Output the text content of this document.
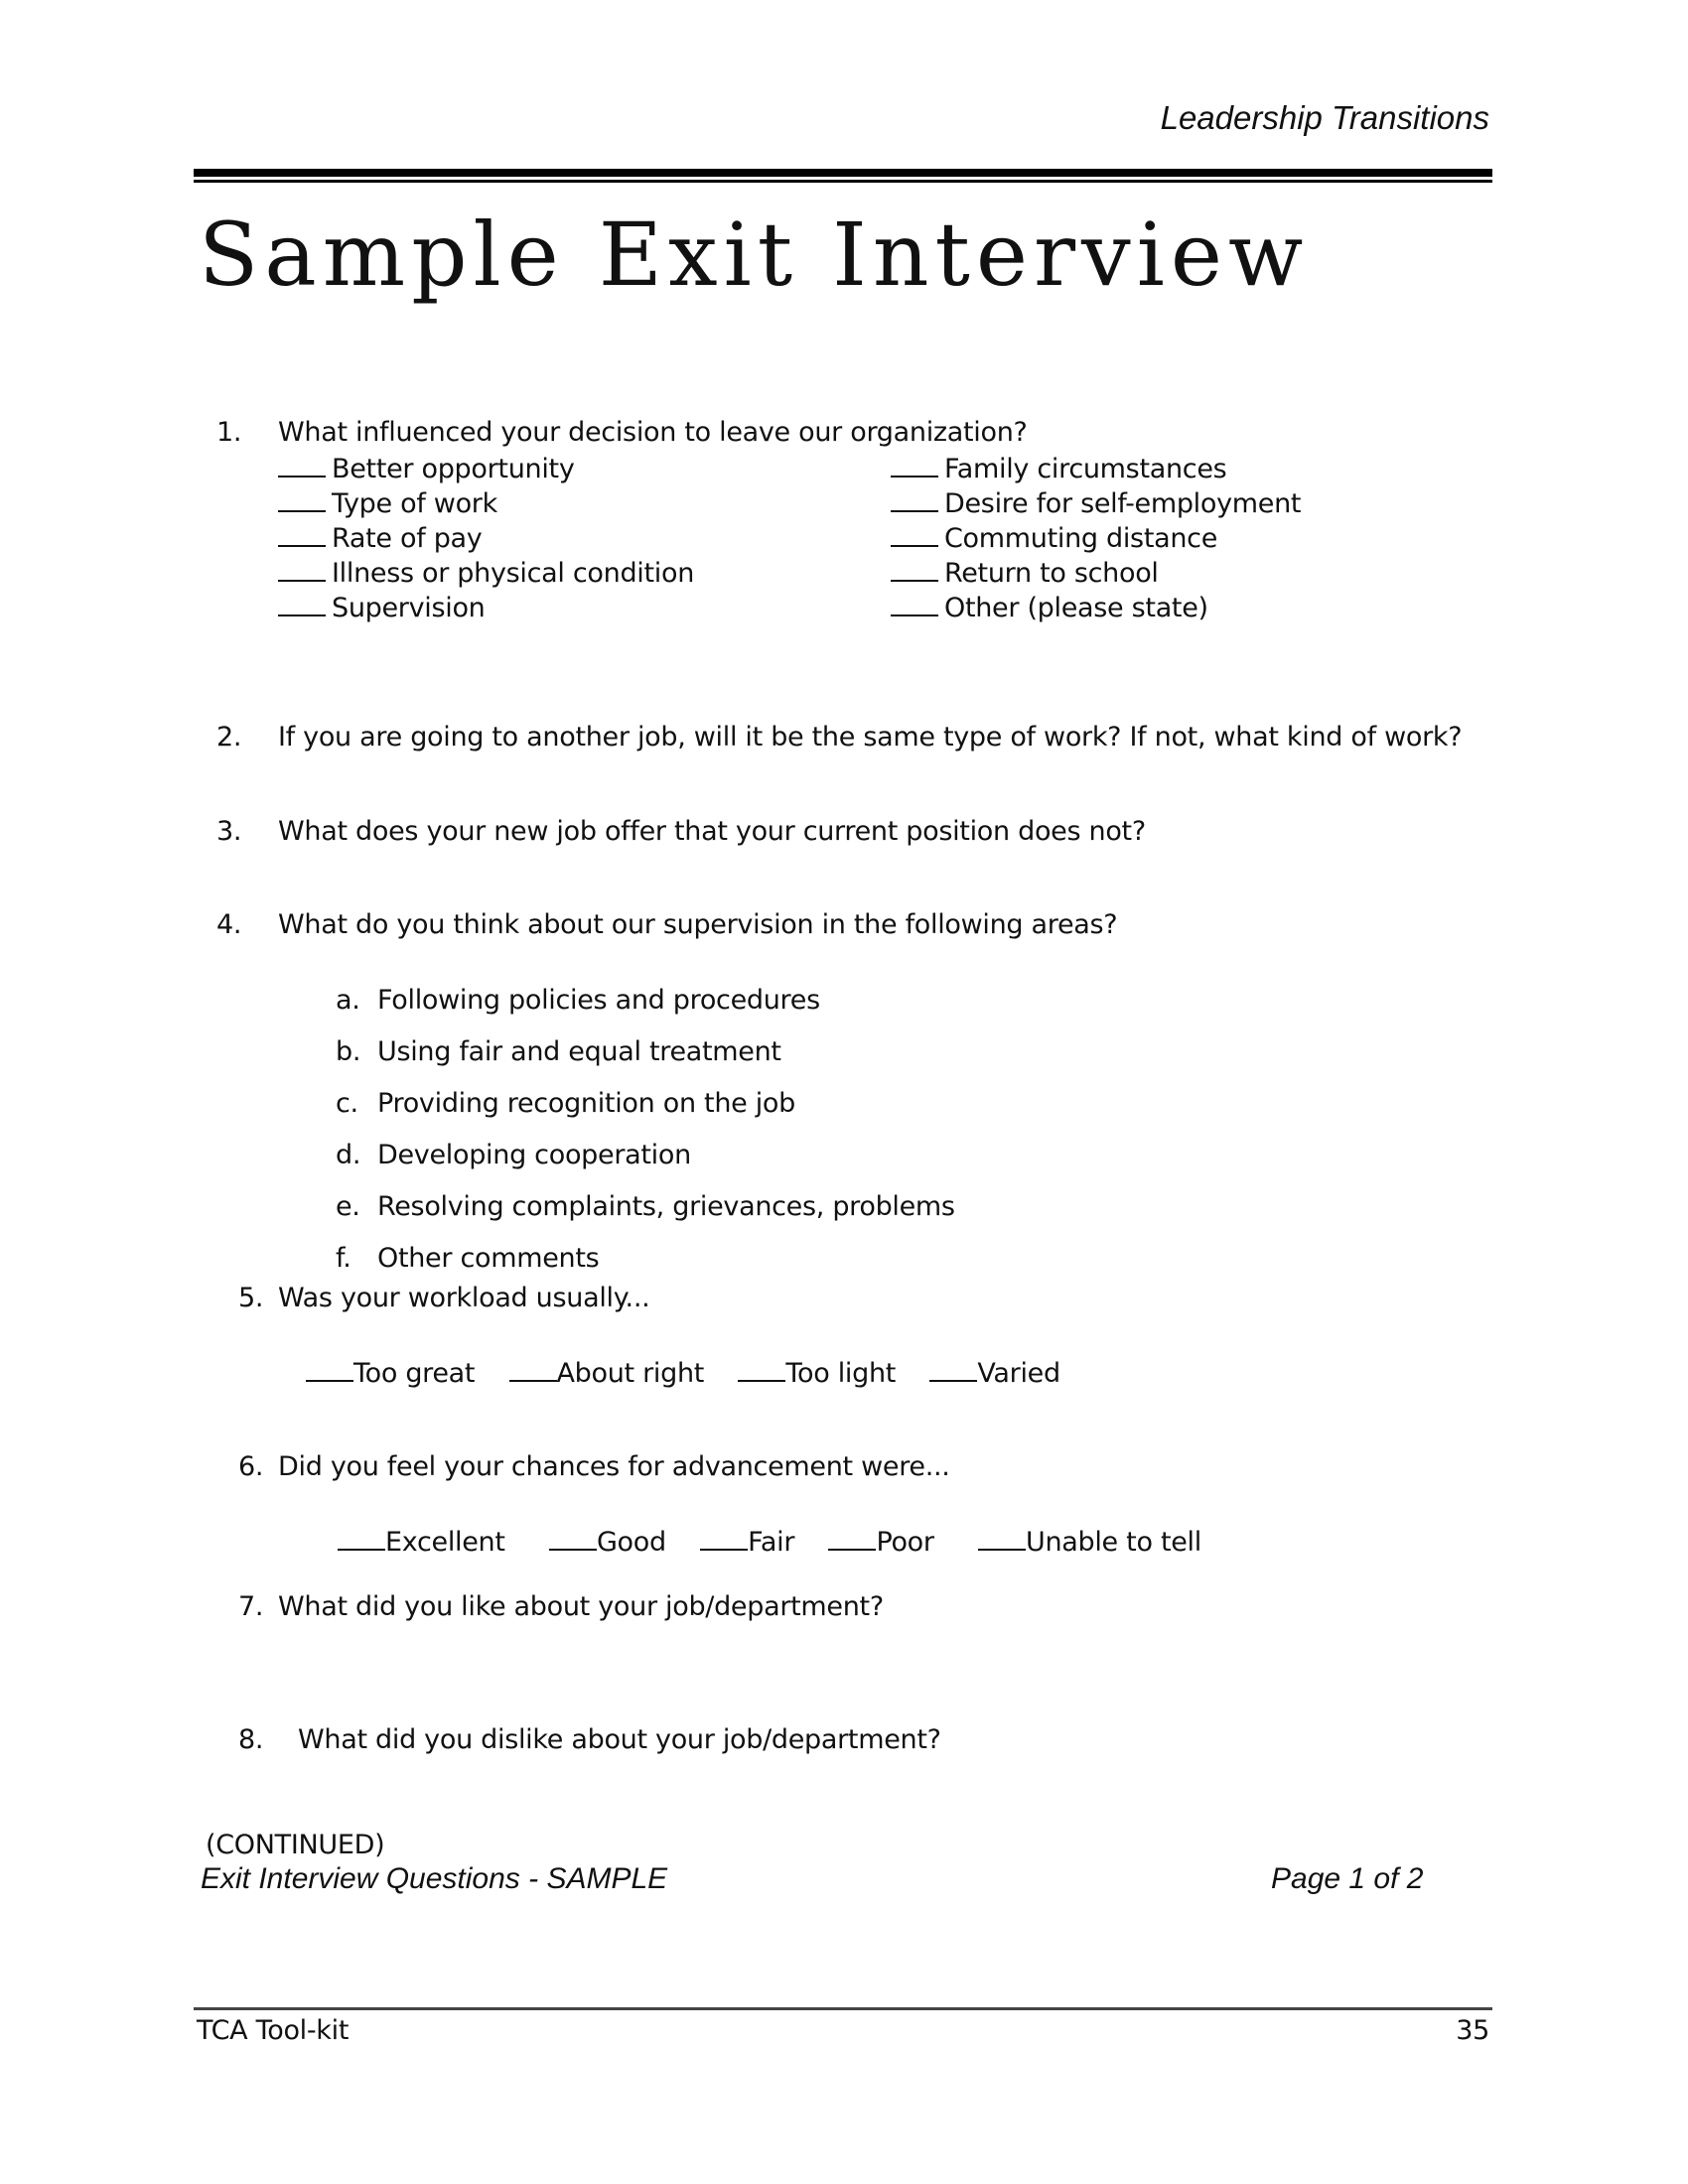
Leadership Transitions
Sample Exit Interview
1. What influenced your decision to leave our organization?
Better opportunity
Type of work
Rate of pay
Illness or physical condition
Supervision
Family circumstances
Desire for self-employment
Commuting distance
Return to school
Other (please state)
2. If you are going to another job, will it be the same type of work? If not, what kind of work?
3. What does your new job offer that your current position does not?
4. What do you think about our supervision in the following areas?
a. Following policies and procedures
b. Using fair and equal treatment
c. Providing recognition on the job
d. Developing cooperation
e. Resolving complaints, grievances, problems
f. Other comments
5. Was your workload usually...
Too great	About right	Too light	Varied
6. Did you feel your chances for advancement were...
Excellent	Good	Fair	Poor	Unable to tell
7. What did you like about your job/department?
8. What did you dislike about your job/department?
(CONTINUED)
Exit Interview Questions - SAMPLE	Page 1 of 2
TCA Tool-kit	35
